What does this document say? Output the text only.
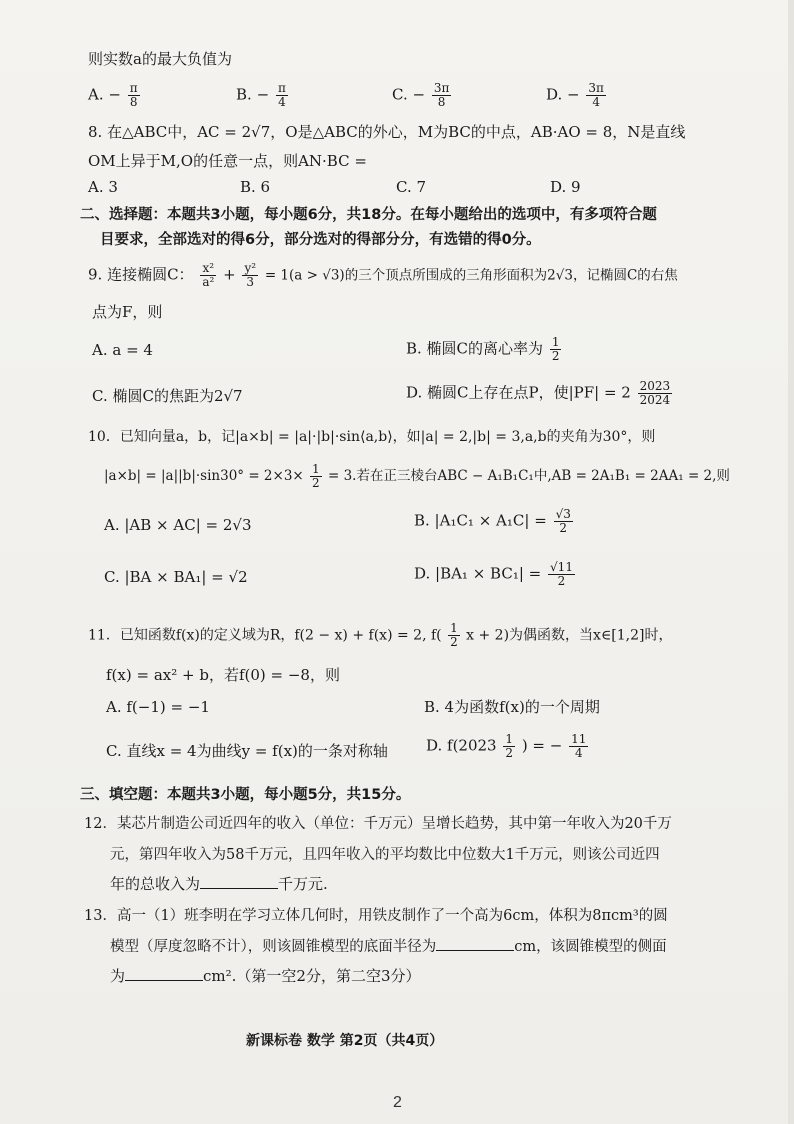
则实数a的最大负值为
A. − $\frac{\pi}{8}$	B. − $\frac{\pi}{4}$	C. − $\frac{3\pi}{8}$	D. − $\frac{3\pi}{4}$
8. 在△ABC中，AC = 2√7，O是△ABC的外心，M为BC的中点，AB·AO = 8，N是直线
OM上异于M,O的任意一点，则AN·BC =
A. 3	B. 6	C. 7	D. 9
二、选择题：本题共3小题，每小题6分，共18分。在每小题给出的选项中，有多项符合题
目要求，全部选对的得6分，部分选对的得部分分，有选错的得0分。
9. 连接椭圆C： $\frac{\text{x²}}{\text{a²}} + \frac{\text{y²}}{3} = 1(a > √3)$的三个顶点所围成的三角形面积为2√3，记椭圆C的右焦
点为F，则
A. a = 4	B. 椭圆C的离心率为 $\frac{1}{2}$
C. 椭圆C的焦距为2√7	D. 椭圆C上存在点P，使$|PF| = 2 \frac{2023}{2024}$
10．已知向量a，b，记|a×b| = |a|·|b|·sin⟨a,b⟩，如|a| = 2,|b| = 3,a,b的夹角为30°，则
$|a\times b| = |a||b|\cdot\sin 30^\circ = 2\times 3\times \frac{1}{2} = 3$.若在正三棱台ABC − A₁B₁C₁中,AB = 2A₁B₁ = 2AA₁ = 2,则
A. |AB × AC| = 2√3	B. $|A_1C_1 \times A_1C| = \frac{√3}{2}$
C. |BA × BA₁| = √2	D. $|BA_1 \times BC_1| = \frac{√11}{2}$
11．已知函数f(x)的定义域为R，f(2 − x) + f(x) = 2, $f( \frac{1}{2}$ x + 2)为偶函数，当x∈[1,2]时，
f(x) = ax² + b，若f(0) = −8，则
A. f(−1) = −1	B. 4为函数f(x)的一个周期
C. 直线x = 4为曲线y = f(x)的一条对称轴	D. $f(2023 \frac{1}{2}$ ) = − $\frac{11}{4}$
三、填空题：本题共3小题，每小题5分，共15分。
12．某芯片制造公司近四年的收入（单位：千万元）呈增长趋势，其中第一年收入为20千万
元，第四年收入为58千万元，且四年收入的平均数比中位数大1千万元，则该公司近四
年的总收入为	千万元.
13．高一（1）班李明在学习立体几何时，用铁皮制作了一个高为6cm，体积为8πcm³的圆
模型（厚度忽略不计），则该圆锥模型的底面半径为	cm，该圆锥模型的侧面
为	cm².（第一空2分，第二空3分）
新课标卷 数学 第2页（共4页）
2
